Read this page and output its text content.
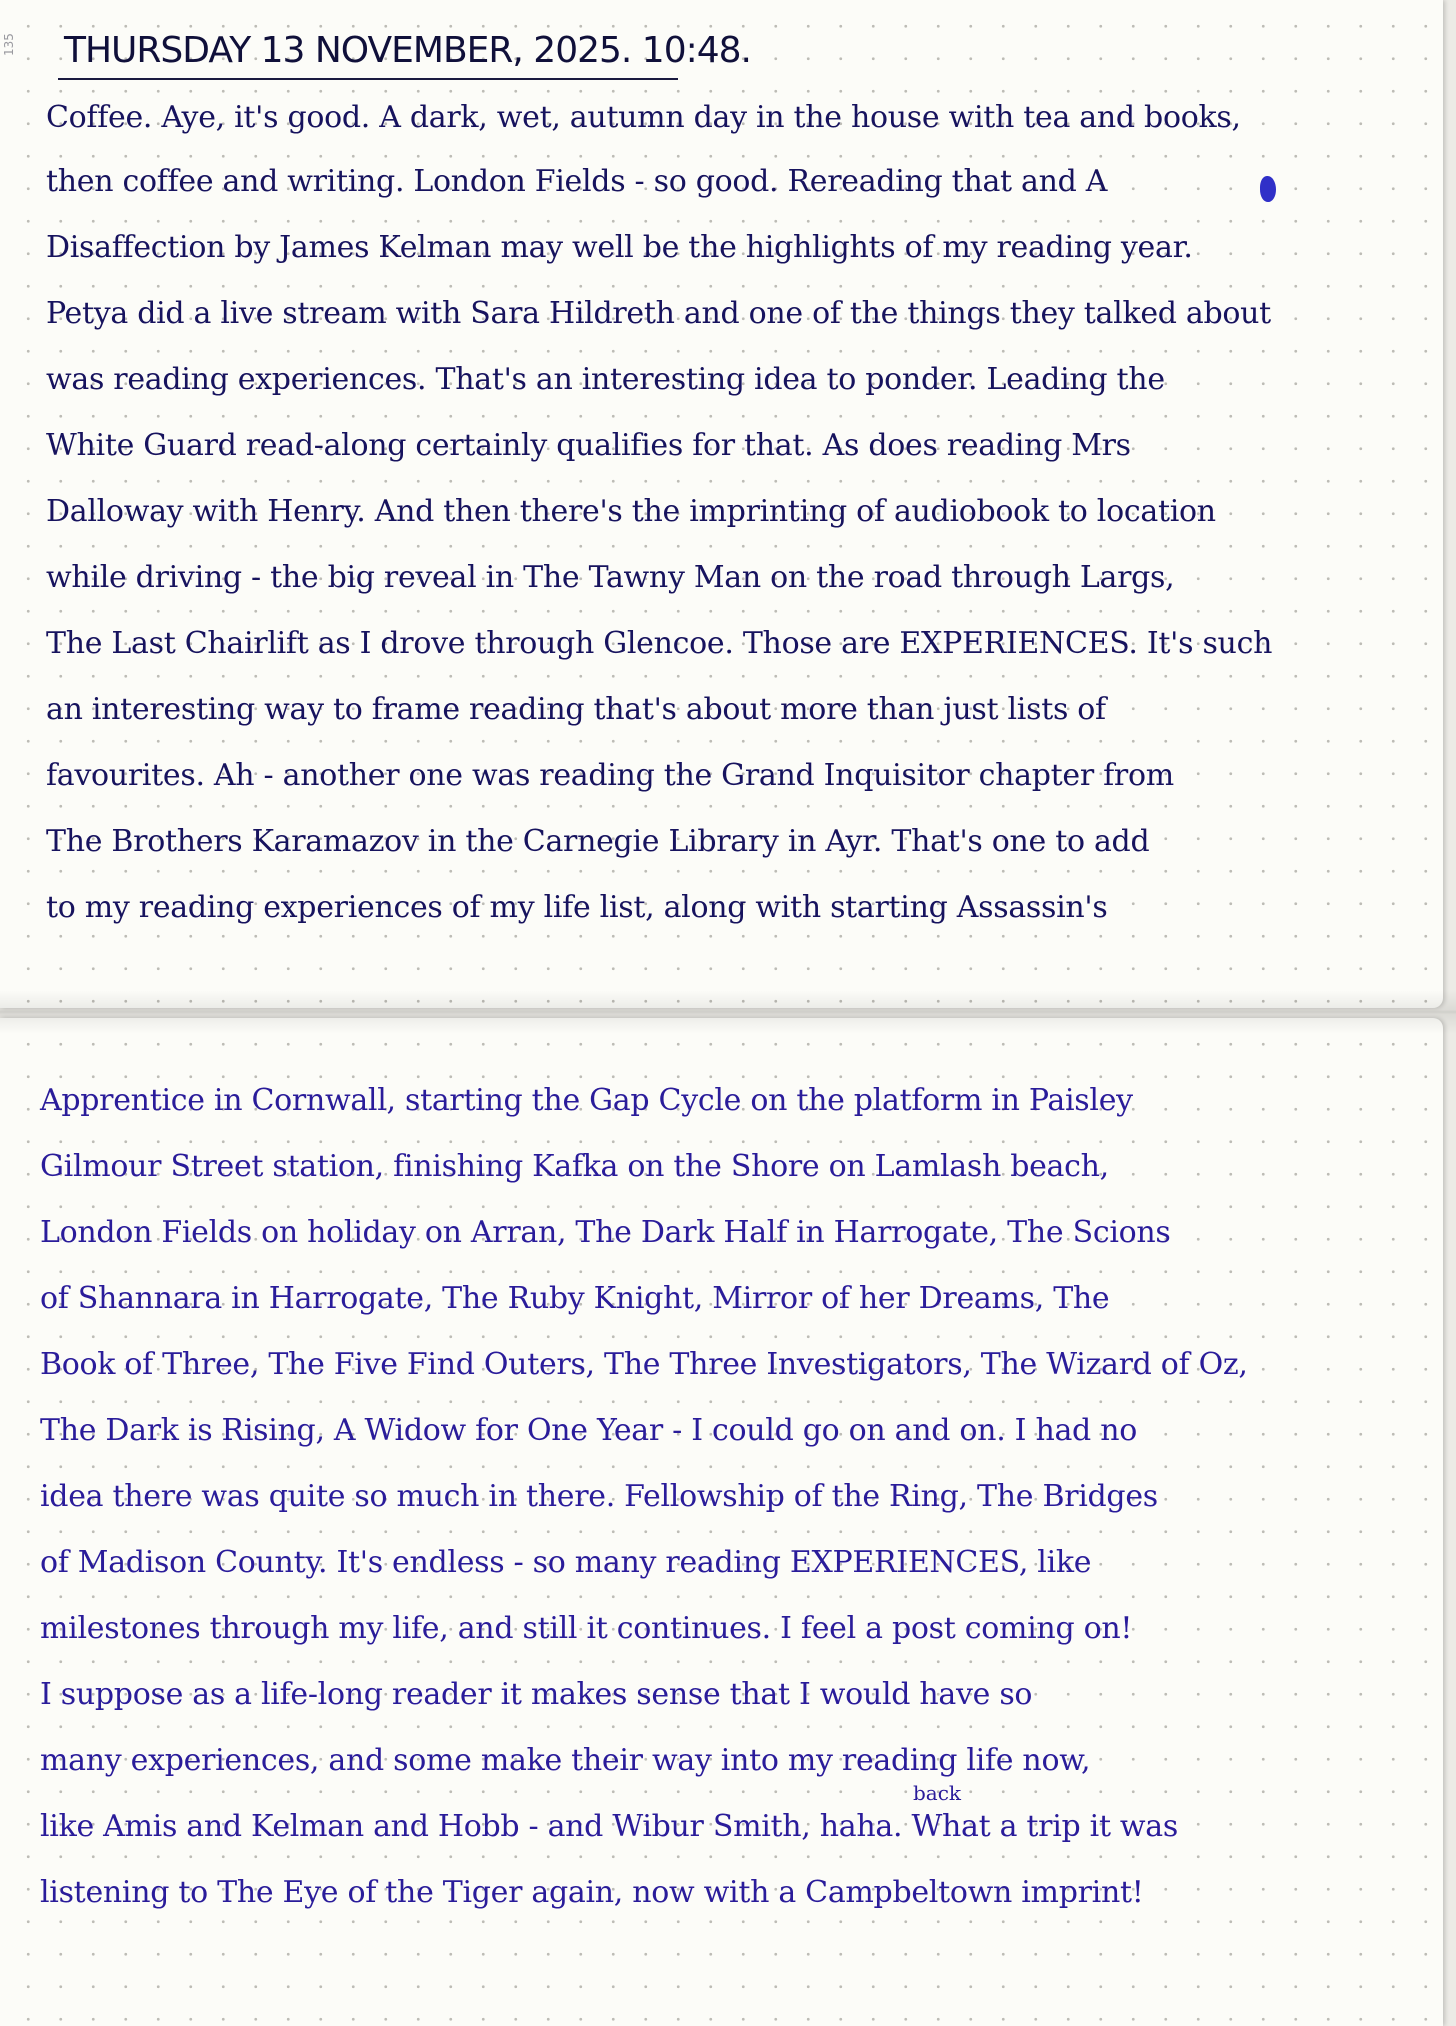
135 THURSDAY 13 NOVEMBER, 2025. 10:48.

Coffee. Aye, it's good. A dark, wet, autumn day in the house with tea and books,

then coffee and writing. London Fields - so good. Rereading that and A

Disaffection by James Kelman may well be the highlights of my reading year.

Petya did a live stream with Sara Hildreth and one of the things they talked about

was reading experiences. That's an interesting idea to ponder. Leading the

White Guard read-along certainly qualifies for that. As does reading Mrs

Dalloway with Henry. And then there's the imprinting of audiobook to location

while driving - the big reveal in The Tawny Man on the road through Largs,

The Last Chairlift as I drove through Glencoe. Those are EXPERIENCES. It's such

an interesting way to frame reading that's about more than just lists of

favourites. Ah - another one was reading the Grand Inquisitor chapter from

The Brothers Karamazov in the Carnegie Library in Ayr. That's one to add

to my reading experiences of my life list, along with starting Assassin's

Apprentice in Cornwall, starting the Gap Cycle on the platform in Paisley

Gilmour Street station, finishing Kafka on the Shore on Lamlash beach,

London Fields on holiday on Arran, The Dark Half in Harrogate, The Scions

of Shannara in Harrogate, The Ruby Knight, Mirror of her Dreams, The

Book of Three, The Five Find Outers, The Three Investigators, The Wizard of Oz,

The Dark is Rising, A Widow for One Year - I could go on and on. I had no

idea there was quite so much in there. Fellowship of the Ring, The Bridges

of Madison County. It's endless - so many reading EXPERIENCES, like

milestones through my life, and still it continues. I feel a post coming on!

I suppose as a life-long reader it makes sense that I would have so

many experiences, and some make their way into my reading life now,

like Amis and Kelman and Hobb - and Wibur Smith, haha. What a trip it was

listening to The Eye of the Tiger again, now with a Campbeltown imprint!

back
